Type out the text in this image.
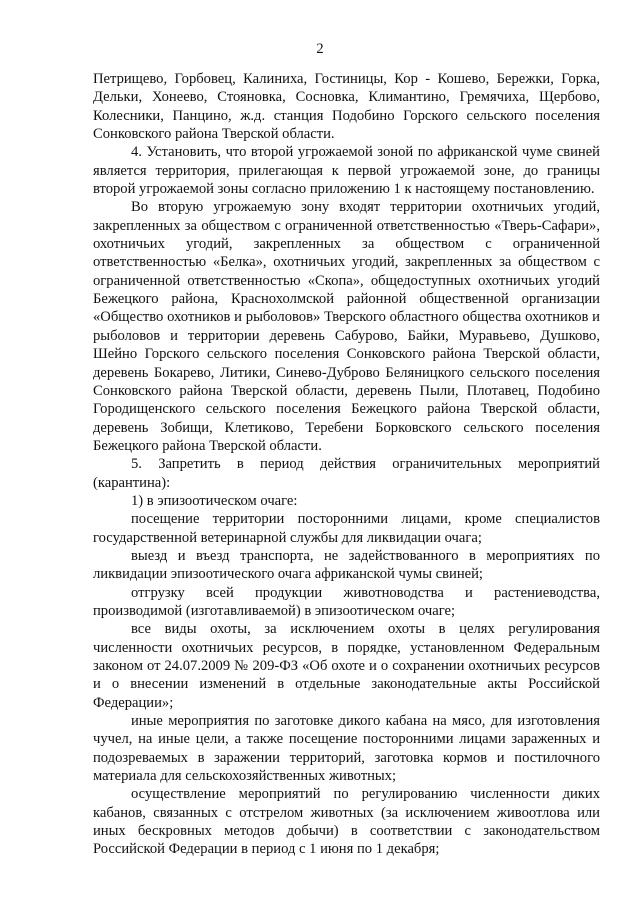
2

Петрищево, Горбовец, Калиниха, Гостиницы, Кор - Кошево, Бережки, Горка, Дельки, Хонеево, Стояновка, Сосновка, Климантино, Гремячиха, Щербово, Колесники, Панцино, ж.д. станция Подобино Горского сельского поселения Сонковского района Тверской области.

4. Установить, что второй угрожаемой зоной по африканской чуме свиней является территория, прилегающая к первой угрожаемой зоне, до границы второй угрожаемой зоны согласно приложению 1 к настоящему постановлению.

Во вторую угрожаемую зону входят территории охотничьих угодий, закрепленных за обществом с ограниченной ответственностью «Тверь-Сафари», охотничьих угодий, закрепленных за обществом с ограниченной ответственностью «Белка», охотничьих угодий, закрепленных за обществом с ограниченной ответственностью «Скопа», общедоступных охотничьих угодий Бежецкого района, Краснохолмской районной общественной организации «Общество охотников и рыболовов» Тверского областного общества охотников и рыболовов и территории деревень Сабурово, Байки, Муравьево, Душково, Шейно Горского сельского поселения Сонковского района Тверской области, деревень Бокарево, Литики, Синево-Дуброво Беляницкого сельского поселения Сонковского района Тверской области, деревень Пыли, Плотавец, Подобино Городищенского сельского поселения Бежецкого района Тверской области, деревень Зобищи, Клетиково, Теребени Борковского сельского поселения Бежецкого района Тверской области.

5. Запретить в период действия ограничительных мероприятий (карантина):

1) в эпизоотическом очаге:

посещение территории посторонними лицами, кроме специалистов государственной ветеринарной службы для ликвидации очага;

выезд и въезд транспорта, не задействованного в мероприятиях по ликвидации эпизоотического очага африканской чумы свиней;

отгрузку всей продукции животноводства и растениеводства, производимой (изготавливаемой) в эпизоотическом очаге;

все виды охоты, за исключением охоты в целях регулирования численности охотничьих ресурсов, в порядке, установленном Федеральным законом от 24.07.2009 № 209-ФЗ «Об охоте и о сохранении охотничьих ресурсов и о внесении изменений в отдельные законодательные акты Российской Федерации»;

иные мероприятия по заготовке дикого кабана на мясо, для изготовления чучел, на иные цели, а также посещение посторонними лицами зараженных и подозреваемых в заражении территорий, заготовка кормов и постилочного материала для сельскохозяйственных животных;

осуществление мероприятий по регулированию численности диких кабанов, связанных с отстрелом животных (за исключением живоотлова или иных бескровных методов добычи) в соответствии с законодательством Российской Федерации в период с 1 июня по 1 декабря;
